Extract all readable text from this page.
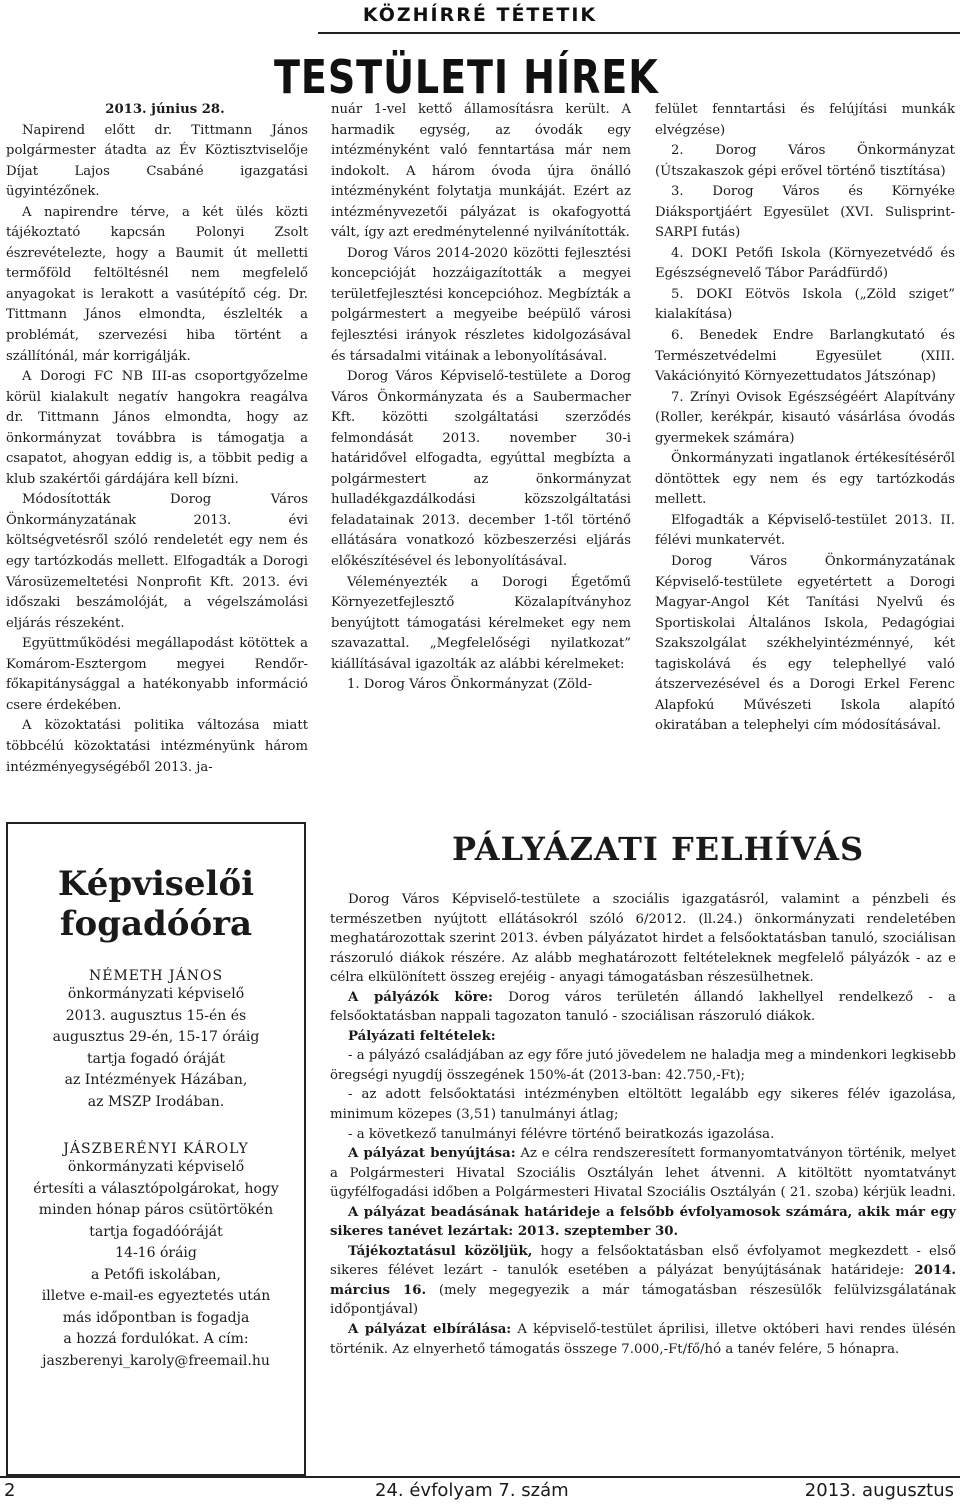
KÖZHÍRRÉ TÉTETIK
TESTÜLETI HÍREK

2013. június 28.

Napirend előtt dr. Tittmann János polgármester átadta az Év Köztisztviselője Díjat Lajos Csabáné igazgatási ügyintézőnek.

A napirendre térve, a két ülés közti tájékoztató kapcsán Polonyi Zsolt észrevételezte, hogy a Baumit út melletti termőföld feltöltésnél nem megfelelő anyagokat is lerakott a vasútépítő cég. Dr. Tittmann János elmondta, észlelték a problémát, szervezési hiba történt a szállítónál, már korrigálják.

A Dorogi FC NB III-as csoportgyőzelme körül kialakult negatív hangokra reagálva dr. Tittmann János elmondta, hogy az önkormányzat továbbra is támogatja a csapatot, ahogyan eddig is, a többit pedig a klub szakértői gárdájára kell bízni.

Módosították Dorog Város Önkormányzatának 2013. évi költségvetésről szóló rendeletét egy nem és egy tartózkodás mellett. Elfogadták a Dorogi Városüzemeltetési Nonprofit Kft. 2013. évi időszaki beszámolóját, a végelszámolási eljárás részeként.

Együttműködési megállapodást kötöttek a Komárom-Esztergom megyei Rendőr-főkapitánysággal a hatékonyabb információ csere érdekében.

A közoktatási politika változása miatt többcélú közoktatási intézményünk három intézményegységéből 2013. ja-

nuár 1-vel kettő államosításra került. A harmadik egység, az óvodák egy intézményként való fenntartása már nem indokolt. A három óvoda újra önálló intézményként folytatja munkáját. Ezért az intézményvezetői pályázat is okafogyottá vált, így azt eredménytelenné nyilvánították.

Dorog Város 2014-2020 közötti fejlesztési koncepcióját hozzáigazították a megyei területfejlesztési koncepcióhoz. Megbízták a polgármestert a megyeibe beépülő városi fejlesztési irányok részletes kidolgozásával és társadalmi vitáinak a lebonyolításával.

Dorog Város Képviselő-testülete a Dorog Város Önkormányzata és a Saubermacher Kft. közötti szolgáltatási szerződés felmondását 2013. november 30-i határidővel elfogadta, egyúttal megbízta a polgármestert az önkormányzat hulladékgazdálkodási közszolgáltatási feladatainak 2013. december 1-től történő ellátására vonatkozó közbeszerzési eljárás előkészítésével és lebonyolításával.

Véleményezték a Dorogi Égetőmű Környezetfejlesztő Közalapítványhoz benyújtott támogatási kérelmeket egy nem szavazattal. „Megfelelőségi nyilatkozat” kiállításával igazolták az alábbi kérelmeket:

1. Dorog Város Önkormányzat (Zöld-

felület fenntartási és felújítási munkák elvégzése)

2. Dorog Város Önkormányzat (Útszakaszok gépi erővel történő tisztítása)

3. Dorog Város és Környéke Diáksportjáért Egyesület (XVI. Sulisprint-SARPI futás)

4. DOKI Petőfi Iskola (Környezetvédő és Egészségnevelő Tábor Parádfürdő)

5. DOKI Eötvös Iskola („Zöld sziget” kialakítása)

6. Benedek Endre Barlangkutató és Természetvédelmi Egyesület (XIII. Vakációnyitó Környezettudatos Játszónap)

7. Zrínyi Ovisok Egészségéért Alapítvány (Roller, kerékpár, kisautó vásárlása óvodás gyermekek számára)

Önkormányzati ingatlanok értékesítéséről döntöttek egy nem és egy tartózkodás mellett.

Elfogadták a Képviselő-testület 2013. II. félévi munkatervét.

Dorog Város Önkormányzatának Képviselő-testülete egyetértett a Dorogi Magyar-Angol Két Tanítási Nyelvű és Sportiskolai Általános Iskola, Pedagógiai Szakszolgálat székhelyintézménnyé, két tagiskolává és egy telephellyé való átszervezésével és a Dorogi Erkel Ferenc Alapfokú Művészeti Iskola alapító okiratában a telephelyi cím módosításával.

Képviselői
fogadóóra
NÉMETH JÁNOS
önkormányzati képviselő
2013. augusztus 15-én és
augusztus 29-én, 15-17 óráig
tartja fogadó óráját
az Intézmények Házában,
az MSZP Irodában.
JÁSZBERÉNYI KÁROLY
önkormányzati képviselő
értesíti a választópolgárokat, hogy
minden hónap páros csütörtökén
tartja fogadóóráját
14-16 óráig
a Petőfi iskolában,
illetve e-mail-es egyeztetés után
más időpontban is fogadja
a hozzá fordulókat. A cím:
jaszberenyi_karoly@freemail.hu
PÁLYÁZATI FELHÍVÁS

Dorog Város Képviselő-testülete a szociális igazgatásról, valamint a pénzbeli és természetben nyújtott ellátásokról szóló 6/2012. (ll.24.) önkormányzati rendeletében meghatározottak szerint 2013. évben pályázatot hirdet a felsőoktatásban tanuló, szociálisan rászoruló diákok részére. Az alább meghatározott feltételeknek megfelelő pályázók - az e célra elkülönített összeg erejéig - anyagi támogatásban részesülhetnek.

A pályázók köre: Dorog város területén állandó lakhellyel rendelkező - a felsőoktatásban nappali tagozaton tanuló - szociálisan rászoruló diákok.

Pályázati feltételek:

- a pályázó családjában az egy főre jutó jövedelem ne haladja meg a mindenkori legkisebb öregségi nyugdíj összegének 150%-át (2013-ban: 42.750,-Ft);

- az adott felsőoktatási intézményben eltöltött legalább egy sikeres félév igazolása, minimum közepes (3,51) tanulmányi átlag;

- a következő tanulmányi félévre történő beiratkozás igazolása.

A pályázat benyújtása: Az e célra rendszeresített formanyomtatványon történik, melyet a Polgármesteri Hivatal Szociális Osztályán lehet átvenni. A kitöltött nyomtatványt ügyfélfogadási időben a Polgármesteri Hivatal Szociális Osztályán ( 21. szoba) kérjük leadni.

A pályázat beadásának határideje a felsőbb évfolyamosok számára, akik már egy sikeres tanévet lezártak: 2013. szeptember 30.

Tájékoztatásul közöljük, hogy a felsőoktatásban első évfolyamot megkezdett - első sikeres félévet lezárt - tanulók esetében a pályázat benyújtásának határideje: 2014. március 16. (mely megegyezik a már támogatásban részesülők felülvizsgálatának időpontjával)

A pályázat elbírálása: A képviselő-testület áprilisi, illetve októberi havi rendes ülésén történik. Az elnyerhető támogatás összege 7.000,-Ft/fő/hó a tanév felére, 5 hónapra.

2	24. évfolyam 7. szám	2013. augusztus
